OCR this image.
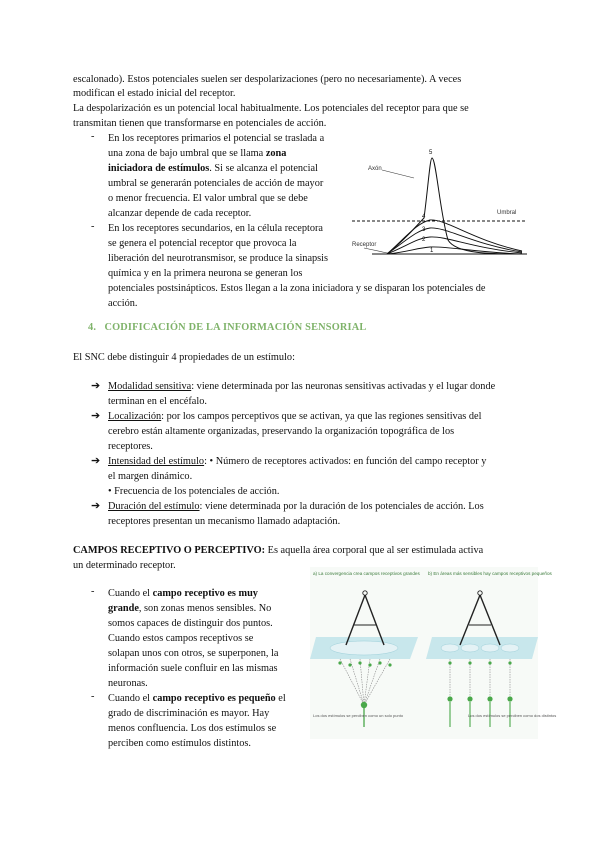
escalonado). Estos potenciales suelen ser despolarizaciones (pero no necesariamente). A veces
modifican el estado inicial del receptor.
La despolarización es un potencial local habitualmente. Los potenciales del receptor para que se
transmitan tienen que transformarse en potenciales de acción.
- En los receptores primarios el potencial se traslada a
una zona de bajo umbral que se llama zona
iniciadora de estímulos. Si se alcanza el potencial
umbral se generarán potenciales de acción de mayor
o menor frecuencia. El valor umbral que se debe
alcanzar depende de cada receptor.
- En los receptores secundarios, en la célula receptora
se genera el potencial receptor que provoca la
liberación del neurotransmisor, se produce la sinapsis
química y en la primera neurona se generan los
potenciales postsinápticos. Estos llegan a la zona iniciadora y se disparan los potenciales de
acción.
Axón
Umbral
Receptor
1
2
3
4
5
4. CODIFICACIÓN DE LA INFORMACIÓN SENSORIAL
El SNC debe distinguir 4 propiedades de un estímulo:
➔ Modalidad sensitiva: viene determinada por las neuronas sensitivas activadas y el lugar donde
terminan en el encéfalo.
➔ Localización: por los campos perceptivos que se activan, ya que las regiones sensitivas del
cerebro están altamente organizadas, preservando la organización topográfica de los
receptores.
➔ Intensidad del estímulo: • Número de receptores activados: en función del campo receptor y
el margen dinámico.
• Frecuencia de los potenciales de acción.
➔ Duración del estímulo: viene determinada por la duración de los potenciales de acción. Los
receptores presentan un mecanismo llamado adaptación.
CAMPOS RECEPTIVO O PERCEPTIVO: Es aquella área corporal que al ser estimulada activa
un determinado receptor.
- Cuando el campo receptivo es muy
grande, son zonas menos sensibles. No
somos capaces de distinguir dos puntos.
Cuando estos campos receptivos se
solapan unos con otros, se superponen, la
información suele confluir en las mismas
neuronas.
- Cuando el campo receptivo es pequeño el
grado de discriminación es mayor. Hay
menos confluencia. Los dos estímulos se
perciben como estímulos distintos.
a) La convergencia crea campos receptivos grandes b) En áreas más sensibles hay campos receptivos pequeños
Los dos estímulos se perciben como un solo punto	Los dos estímulos se perciben como dos distintos
